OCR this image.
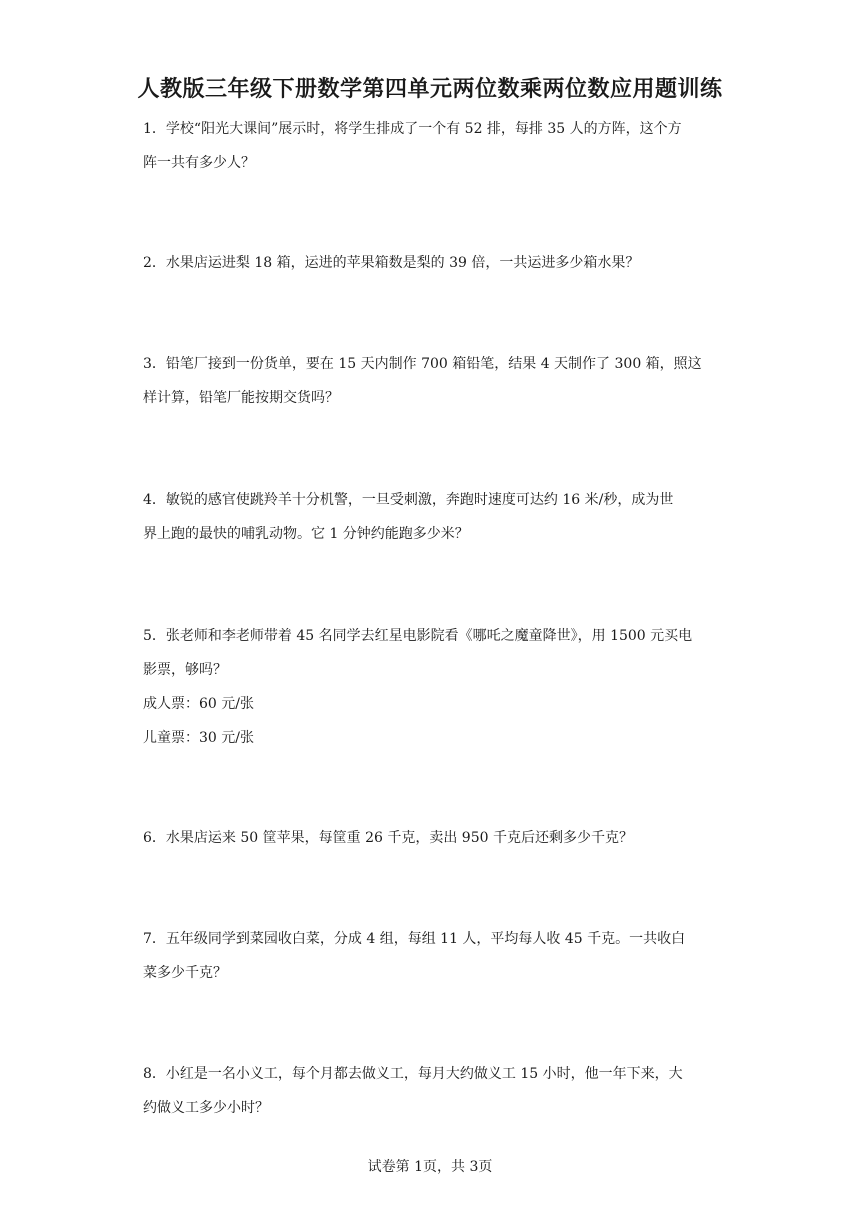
人教版三年级下册数学第四单元两位数乘两位数应用题训练
1．学校“阳光大课间”展示时，将学生排成了一个有 52 排，每排 35 人的方阵，这个方
阵一共有多少人？
2．水果店运进梨 18 箱，运进的苹果箱数是梨的 39 倍，一共运进多少箱水果？
3．铅笔厂接到一份货单，要在 15 天内制作 700 箱铅笔，结果 4 天制作了 300 箱，照这
样计算，铅笔厂能按期交货吗？
4．敏锐的感官使跳羚羊十分机警，一旦受刺激，奔跑时速度可达约 16 米/秒，成为世
界上跑的最快的哺乳动物。它 1 分钟约能跑多少米？
5．张老师和李老师带着 45 名同学去红星电影院看《哪吒之魔童降世》，用 1500 元买电
影票，够吗？
成人票：60 元/张
儿童票：30 元/张
6．水果店运来 50 筐苹果，每筐重 26 千克，卖出 950 千克后还剩多少千克？
7．五年级同学到菜园收白菜，分成 4 组，每组 11 人，平均每人收 45 千克。一共收白
菜多少千克？
8．小红是一名小义工，每个月都去做义工，每月大约做义工 15 小时，他一年下来，大
约做义工多少小时？
试卷第 1页，共 3页
